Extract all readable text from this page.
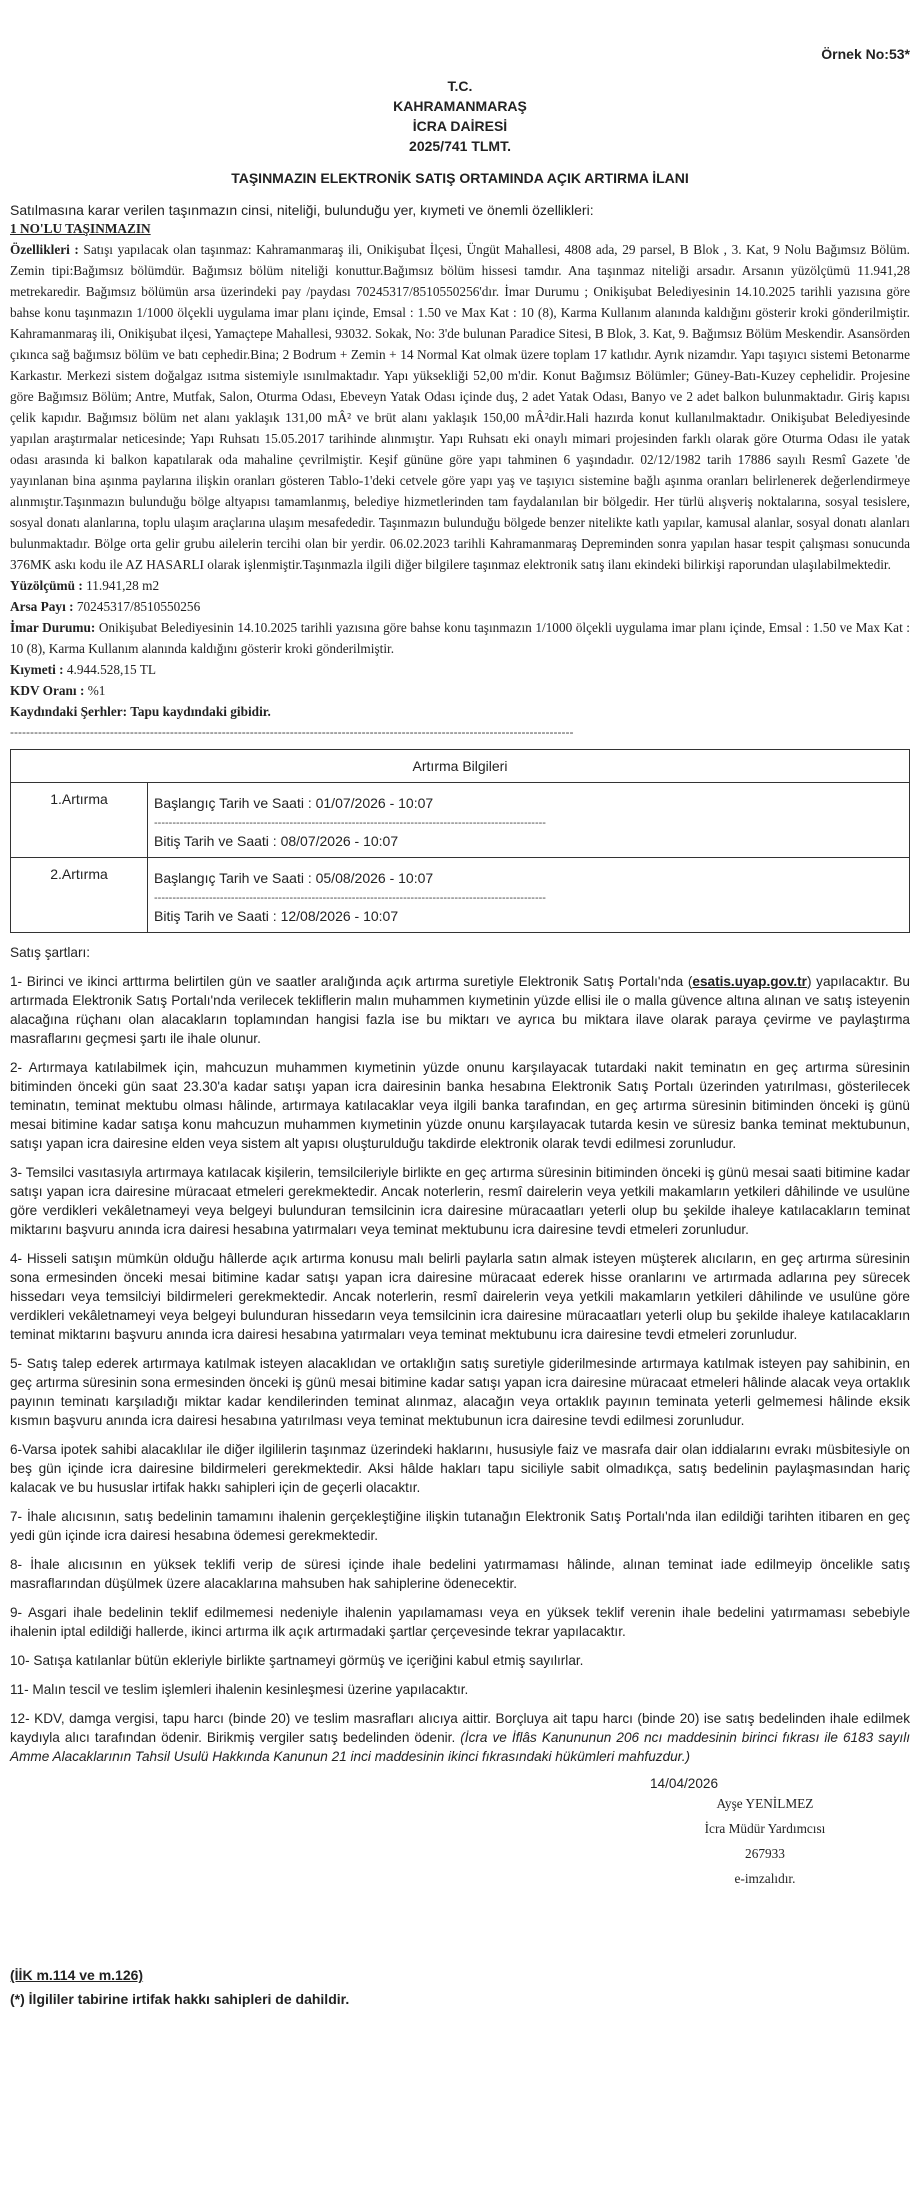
Örnek No:53*
T.C.
KAHRAMANMARAŞ
İCRA DAİRESİ
2025/741 TLMT.
TAŞINMAZIN ELEKTRONİK SATIŞ ORTAMINDA AÇIK ARTIRMA İLANI
Satılmasına karar verilen taşınmazın cinsi, niteliği, bulunduğu yer, kıymeti ve önemli özellikleri:
1 NO'LU TAŞINMAZIN
Özellikleri : Satışı yapılacak olan taşınmaz: Kahramanmaraş ili, Onikişubat İlçesi, Üngüt Mahallesi, 4808 ada, 29 parsel, B Blok , 3. Kat, 9 Nolu Bağımsız Bölüm. Zemin tipi:Bağımsız bölümdür. Bağımsız bölüm niteliği konuttur.Bağımsız bölüm hissesi tamdır. Ana taşınmaz niteliği arsadır. Arsanın yüzölçümü 11.941,28 metrekaredir. Bağımsız bölümün arsa üzerindeki pay /paydası 70245317/8510550256'dır. İmar Durumu ; Onikişubat Belediyesinin 14.10.2025 tarihli yazısına göre bahse konu taşınmazın 1/1000 ölçekli uygulama imar planı içinde, Emsal : 1.50 ve Max Kat : 10 (8), Karma Kullanım alanında kaldığını gösterir kroki gönderilmiştir. Kahramanmaraş ili, Onikişubat ilçesi, Yamaçtepe Mahallesi, 93032. Sokak, No: 3'de bulunan Paradice Sitesi, B Blok, 3. Kat, 9. Bağımsız Bölüm Meskendir. Asansörden çıkınca sağ bağımsız bölüm ve batı cephedir.Bina; 2 Bodrum + Zemin + 14 Normal Kat olmak üzere toplam 17 katlıdır. Ayrık nizamdır. Yapı taşıyıcı sistemi Betonarme Karkastır. Merkezi sistem doğalgaz ısıtma sistemiyle ısınılmaktadır. Yapı yüksekliği 52,00 m'dir. Konut Bağımsız Bölümler; Güney-Batı-Kuzey cephelidir. Projesine göre Bağımsız Bölüm; Antre, Mutfak, Salon, Oturma Odası, Ebeveyn Yatak Odası içinde duş, 2 adet Yatak Odası, Banyo ve 2 adet balkon bulunmaktadır. Giriş kapısı çelik kapıdır. Bağımsız bölüm net alanı yaklaşık 131,00 mÂ² ve brüt alanı yaklaşık 150,00 mÂ²dir.Hali hazırda konut kullanılmaktadır. Onikişubat Belediyesinde yapılan araştırmalar neticesinde; Yapı Ruhsatı 15.05.2017 tarihinde alınmıştır. Yapı Ruhsatı eki onaylı mimari projesinden farklı olarak göre Oturma Odası ile yatak odası arasında ki balkon kapatılarak oda mahaline çevrilmiştir. Keşif gününe göre yapı tahminen 6 yaşındadır. 02/12/1982 tarih 17886 sayılı Resmî Gazete 'de yayınlanan bina aşınma paylarına ilişkin oranları gösteren Tablo-1'deki cetvele göre yapı yaş ve taşıyıcı sistemine bağlı aşınma oranları belirlenerek değerlendirmeye alınmıştır.Taşınmazın bulunduğu bölge altyapısı tamamlanmış, belediye hizmetlerinden tam faydalanılan bir bölgedir. Her türlü alışveriş noktalarına, sosyal tesislere, sosyal donatı alanlarına, toplu ulaşım araçlarına ulaşım mesafededir. Taşınmazın bulunduğu bölgede benzer nitelikte katlı yapılar, kamusal alanlar, sosyal donatı alanları bulunmaktadır. Bölge orta gelir grubu ailelerin tercihi olan bir yerdir. 06.02.2023 tarihli Kahramanmaraş Depreminden sonra yapılan hasar tespit çalışması sonucunda 376MK askı kodu ile AZ HASARLI olarak işlenmiştir.Taşınmazla ilgili diğer bilgilere taşınmaz elektronik satış ilanı ekindeki bilirkişi raporundan ulaşılabilmektedir.
Yüzölçümü : 11.941,28 m2
Arsa Payı : 70245317/8510550256
İmar Durumu: Onikişubat Belediyesinin 14.10.2025 tarihli yazısına göre bahse konu taşınmazın 1/1000 ölçekli uygulama imar planı içinde, Emsal : 1.50 ve Max Kat : 10 (8), Karma Kullanım alanında kaldığını gösterir kroki gönderilmiştir.
Kıymeti : 4.944.528,15 TL
KDV Oranı : %1
Kaydındaki Şerhler: Tapu kaydındaki gibidir.
---------------------------------------------------------------------------------------------------------------------------------------------
Artırma Bilgileri	
1.Artırma	Başlangıç Tarih ve Saati : 01/07/2026 - 10:07
-----------------------------------------------------------------------------------------------------------
Bitiş Tarih ve Saati : 08/07/2026 - 10:07

2.Artırma	Başlangıç Tarih ve Saati : 05/08/2026 - 10:07
-----------------------------------------------------------------------------------------------------------
Bitiş Tarih ve Saati : 12/08/2026 - 10:07

Satış şartları:

1- Birinci ve ikinci arttırma belirtilen gün ve saatler aralığında açık artırma suretiyle Elektronik Satış Portalı'nda (esatis.uyap.gov.tr) yapılacaktır. Bu artırmada Elektronik Satış Portalı'nda verilecek tekliflerin malın muhammen kıymetinin yüzde ellisi ile o malla güvence altına alınan ve satış isteyenin alacağına rüçhanı olan alacakların toplamından hangisi fazla ise bu miktarı ve ayrıca bu miktara ilave olarak paraya çevirme ve paylaştırma masraflarını geçmesi şartı ile ihale olunur.

2- Artırmaya katılabilmek için, mahcuzun muhammen kıymetinin yüzde onunu karşılayacak tutardaki nakit teminatın en geç artırma süresinin bitiminden önceki gün saat 23.30'a kadar satışı yapan icra dairesinin banka hesabına Elektronik Satış Portalı üzerinden yatırılması, gösterilecek teminatın, teminat mektubu olması hâlinde, artırmaya katılacaklar veya ilgili banka tarafından, en geç artırma süresinin bitiminden önceki iş günü mesai bitimine kadar satışa konu mahcuzun muhammen kıymetinin yüzde onunu karşılayacak tutarda kesin ve süresiz banka teminat mektubunun, satışı yapan icra dairesine elden veya sistem alt yapısı oluşturulduğu takdirde elektronik olarak tevdi edilmesi zorunludur.

3- Temsilci vasıtasıyla artırmaya katılacak kişilerin, temsilcileriyle birlikte en geç artırma süresinin bitiminden önceki iş günü mesai saati bitimine kadar satışı yapan icra dairesine müracaat etmeleri gerekmektedir. Ancak noterlerin, resmî dairelerin veya yetkili makamların yetkileri dâhilinde ve usulüne göre verdikleri vekâletnameyi veya belgeyi bulunduran temsilcinin icra dairesine müracaatları yeterli olup bu şekilde ihaleye katılacakların teminat miktarını başvuru anında icra dairesi hesabına yatırmaları veya teminat mektubunu icra dairesine tevdi etmeleri zorunludur.

4- Hisseli satışın mümkün olduğu hâllerde açık artırma konusu malı belirli paylarla satın almak isteyen müşterek alıcıların, en geç artırma süresinin sona ermesinden önceki mesai bitimine kadar satışı yapan icra dairesine müracaat ederek hisse oranlarını ve artırmada adlarına pey sürecek hissedarı veya temsilciyi bildirmeleri gerekmektedir. Ancak noterlerin, resmî dairelerin veya yetkili makamların yetkileri dâhilinde ve usulüne göre verdikleri vekâletnameyi veya belgeyi bulunduran hissedarın veya temsilcinin icra dairesine müracaatları yeterli olup bu şekilde ihaleye katılacakların teminat miktarını başvuru anında icra dairesi hesabına yatırmaları veya teminat mektubunu icra dairesine tevdi etmeleri zorunludur.

5- Satış talep ederek artırmaya katılmak isteyen alacaklıdan ve ortaklığın satış suretiyle giderilmesinde artırmaya katılmak isteyen pay sahibinin, en geç artırma süresinin sona ermesinden önceki iş günü mesai bitimine kadar satışı yapan icra dairesine müracaat etmeleri hâlinde alacak veya ortaklık payının teminatı karşıladığı miktar kadar kendilerinden teminat alınmaz, alacağın veya ortaklık payının teminata yeterli gelmemesi hâlinde eksik kısmın başvuru anında icra dairesi hesabına yatırılması veya teminat mektubunun icra dairesine tevdi edilmesi zorunludur.

6-Varsa ipotek sahibi alacaklılar ile diğer ilgililerin taşınmaz üzerindeki haklarını, hususiyle faiz ve masrafa dair olan iddialarını evrakı müsbitesiyle on beş gün içinde icra dairesine bildirmeleri gerekmektedir. Aksi hâlde hakları tapu siciliyle sabit olmadıkça, satış bedelinin paylaşmasından hariç kalacak ve bu hususlar irtifak hakkı sahipleri için de geçerli olacaktır.

7- İhale alıcısının, satış bedelinin tamamını ihalenin gerçekleştiğine ilişkin tutanağın Elektronik Satış Portalı'nda ilan edildiği tarihten itibaren en geç yedi gün içinde icra dairesi hesabına ödemesi gerekmektedir.

8- İhale alıcısının en yüksek teklifi verip de süresi içinde ihale bedelini yatırmaması hâlinde, alınan teminat iade edilmeyip öncelikle satış masraflarından düşülmek üzere alacaklarına mahsuben hak sahiplerine ödenecektir.

9- Asgari ihale bedelinin teklif edilmemesi nedeniyle ihalenin yapılamaması veya en yüksek teklif verenin ihale bedelini yatırmaması sebebiyle ihalenin iptal edildiği hallerde, ikinci artırma ilk açık artırmadaki şartlar çerçevesinde tekrar yapılacaktır.

10- Satışa katılanlar bütün ekleriyle birlikte şartnameyi görmüş ve içeriğini kabul etmiş sayılırlar.

11- Malın tescil ve teslim işlemleri ihalenin kesinleşmesi üzerine yapılacaktır.

12- KDV, damga vergisi, tapu harcı (binde 20) ve teslim masrafları alıcıya aittir. Borçluya ait tapu harcı (binde 20) ise satış bedelinden ihale edilmek kaydıyla alıcı tarafından ödenir. Birikmiş vergiler satış bedelinden ödenir. (İcra ve İflâs Kanununun 206 ncı maddesinin birinci fıkrası ile 6183 sayılı Amme Alacaklarının Tahsil Usulü Hakkında Kanunun 21 inci maddesinin ikinci fıkrasındaki hükümleri mahfuzdur.)

14/04/2026
Ayşe YENİLMEZ
İcra Müdür Yardımcısı
267933
e-imzalıdır.
(İİK m.114 ve m.126)
(*) İlgililer tabirine irtifak hakkı sahipleri de dahildir.
